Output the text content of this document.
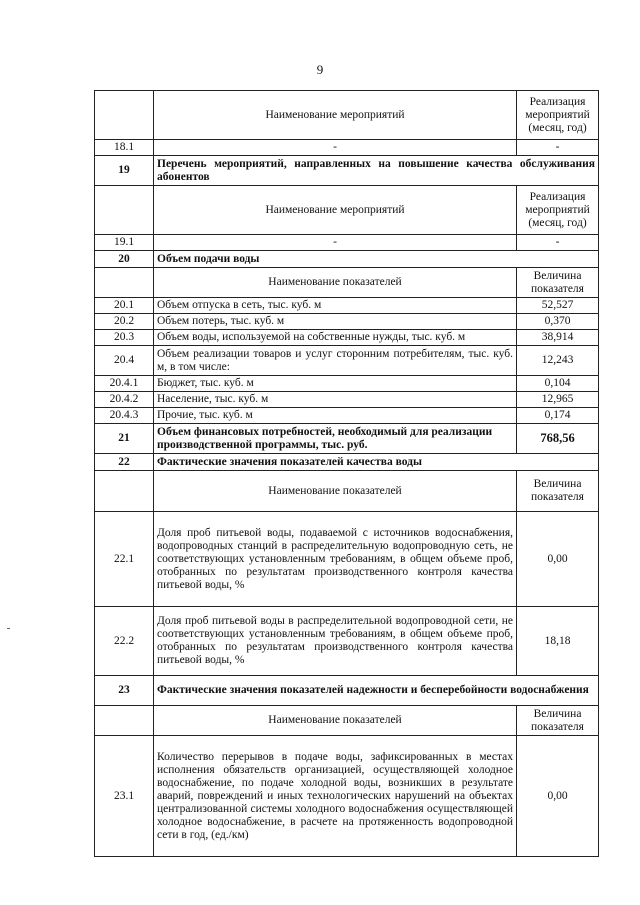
9
	Наименование мероприятий	Реализация мероприятий (месяц, год)
18.1	-	-
19	Перечень мероприятий, направленных на повышение качества обслуживания абонентов	
	Наименование мероприятий	Реализация мероприятий (месяц, год)
19.1	-	-
20	Объем подачи воды	
	Наименование показателей	Величина показателя
20.1	Объем отпуска в сеть, тыс. куб. м	52,527
20.2	Объем потерь, тыс. куб. м	0,370
20.3	Объем воды, используемой на собственные нужды, тыс. куб. м	38,914
20.4	Объем реализации товаров и услуг сторонним потребителям, тыс. куб. м, в том числе:	12,243
20.4.1	Бюджет, тыс. куб. м	0,104
20.4.2	Население, тыс. куб. м	12,965
20.4.3	Прочие, тыс. куб. м	0,174
21	Объем финансовых потребностей, необходимый для реализации производственной программы, тыс. руб.	768,56
22	Фактические значения показателей качества воды	
	Наименование показателей	Величина показателя
22.1	Доля проб питьевой воды, подаваемой с источников водоснабжения, водопроводных станций в распределительную водопроводную сеть, не соответствующих установленным требованиям, в общем объеме проб, отобранных по результатам производственного контроля качества питьевой воды, %	0,00
22.2	Доля проб питьевой воды в распределительной водопроводной сети, не соответствующих установленным требованиям, в общем объеме проб, отобранных по результатам производственного контроля качества питьевой воды, %	18,18
23	Фактические значения показателей надежности и бесперебойности водоснабжения	
	Наименование показателей	Величина показателя
23.1	Количество перерывов в подаче воды, зафиксированных в местах исполнения обязательств организацией, осуществляющей холодное водоснабжение, по подаче холодной воды, возникших в результате аварий, повреждений и иных технологических нарушений на объектах централизованной системы холодного водоснабжения осуществляющей холодное водоснабжение, в расчете на протяженность водопроводной сети в год, (ед./км)	0,00
